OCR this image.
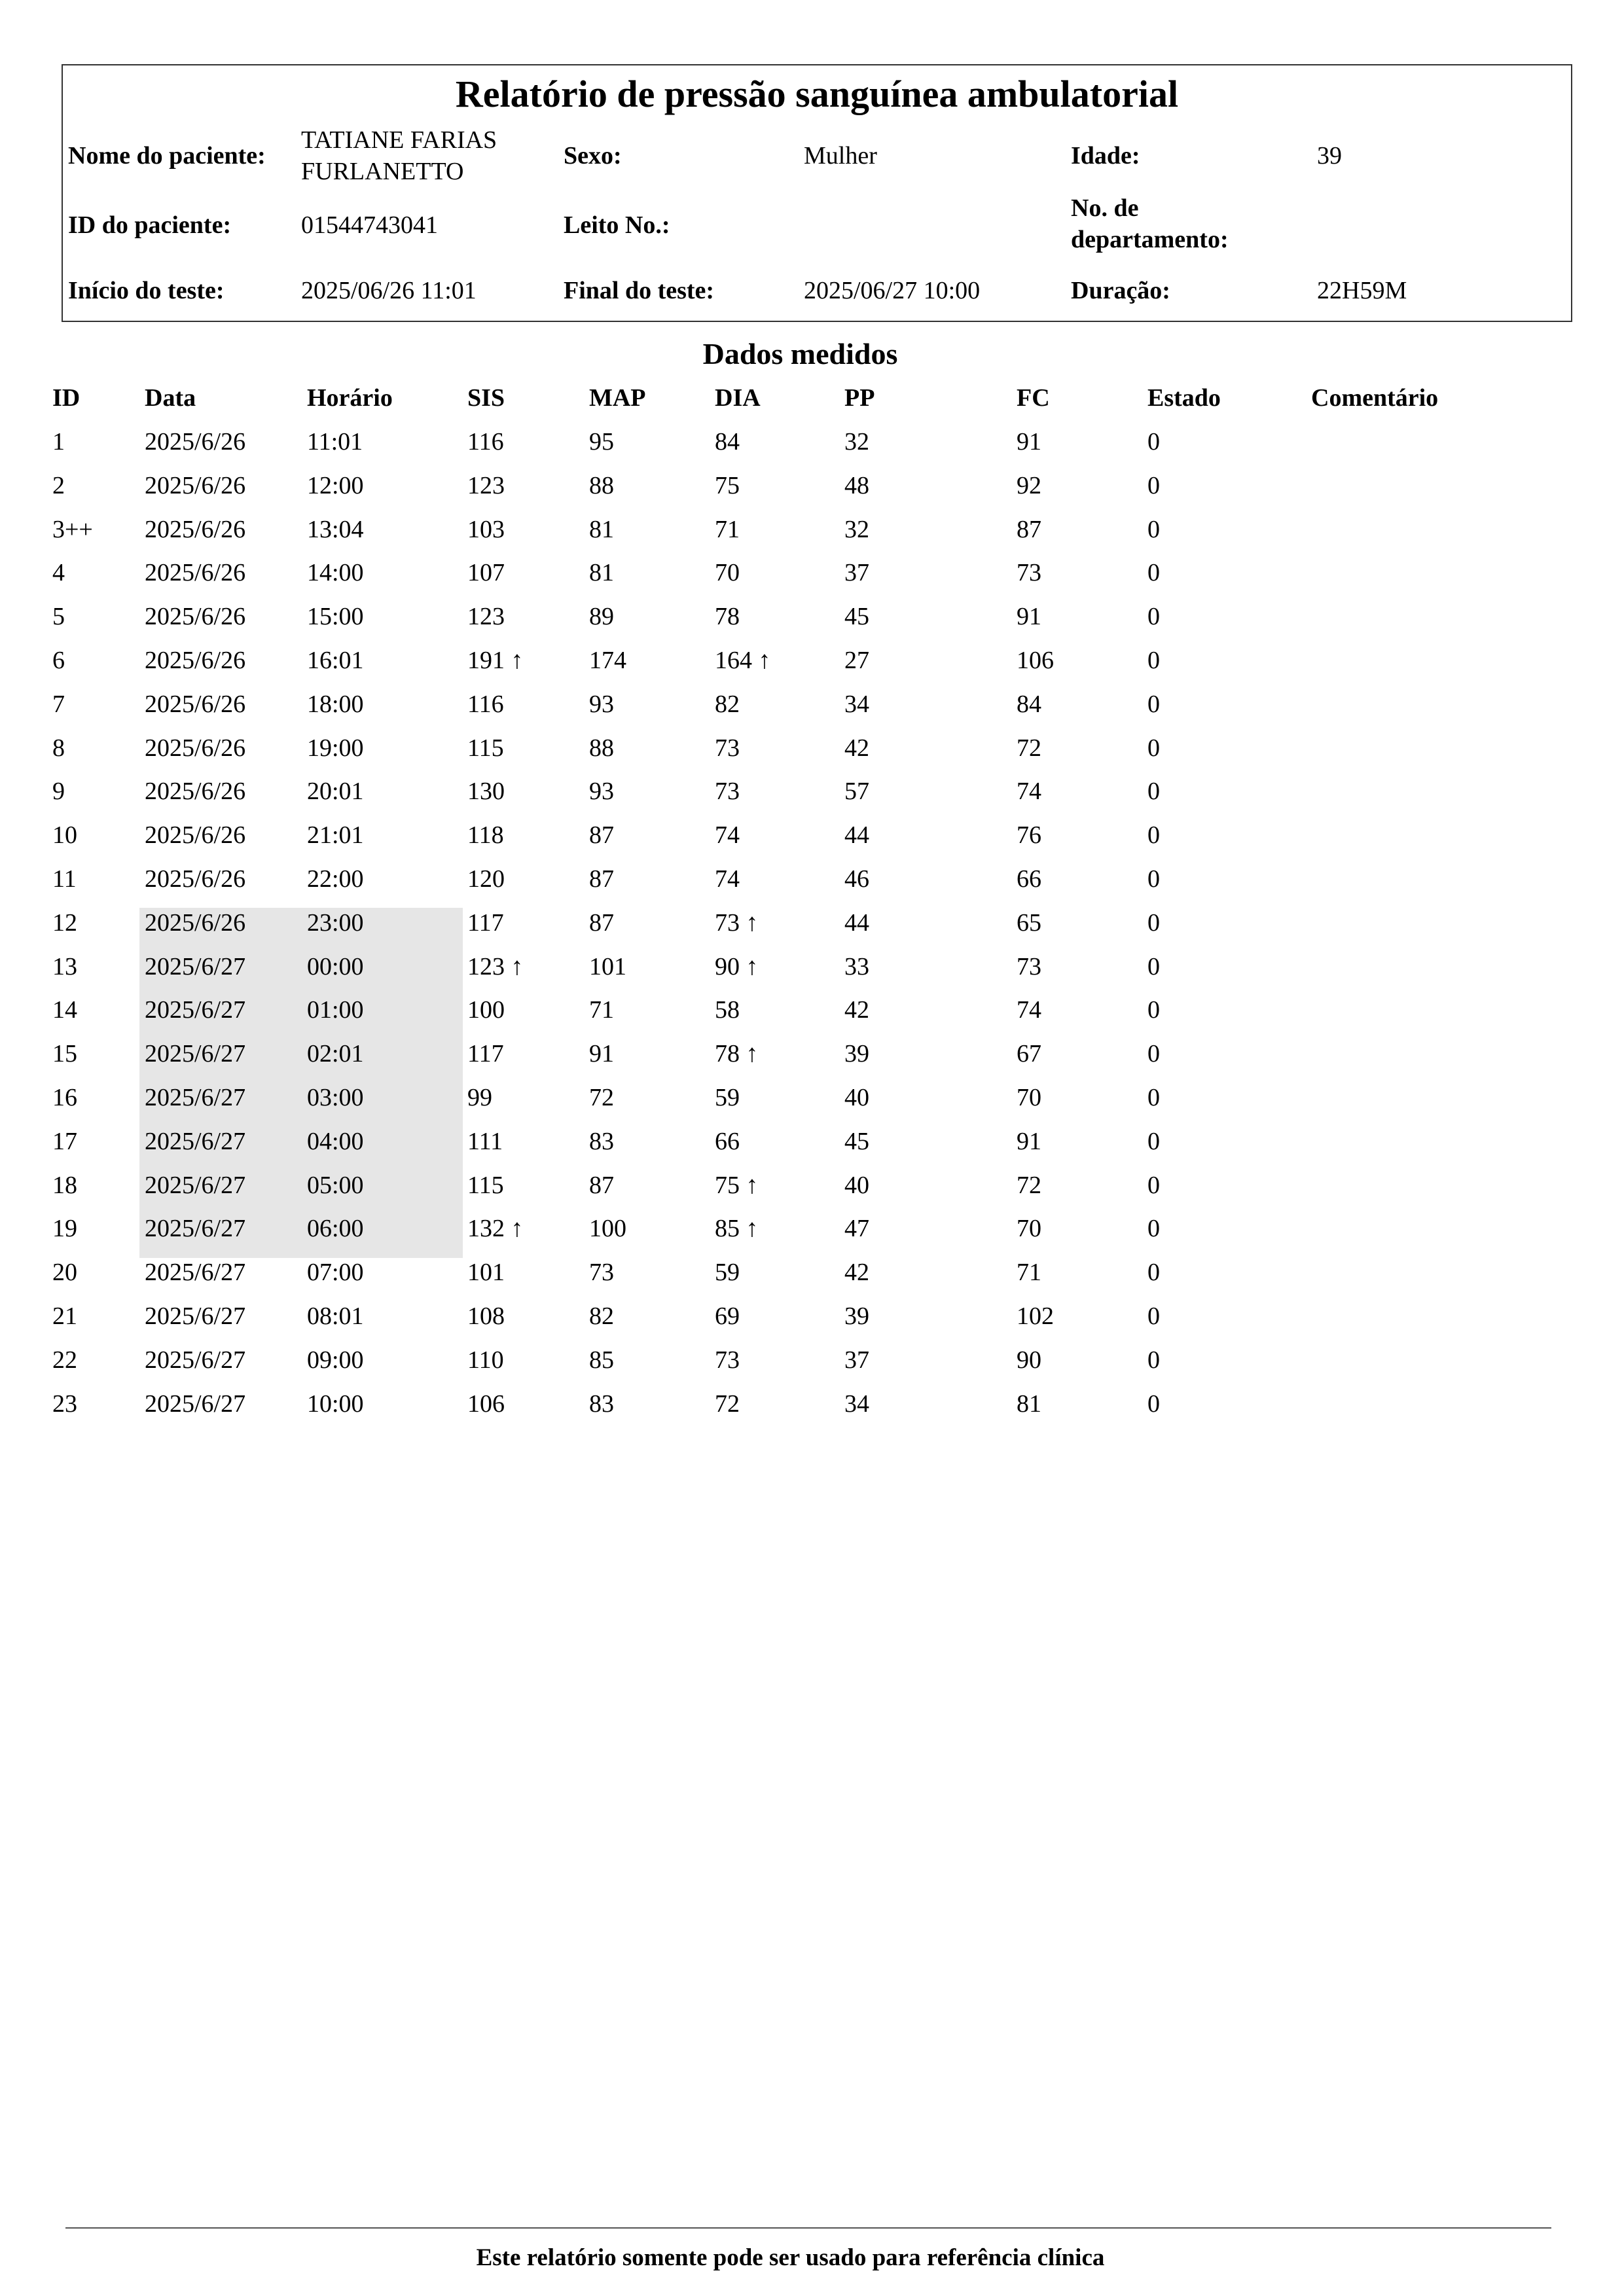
Relatório de pressão sanguínea ambulatorial
Nome do paciente:
TATIANE FARIAS
FURLANETTO
Sexo:	Mulher	Idade:	39
ID do paciente:	01544743041	Leito No.:
No. de
departamento:
Início do teste:	2025/06/26 11:01	Final do teste:	2025/06/27 10:00	Duração:	22H59M
Dados medidos
ID	Data	Horário	SIS	MAP	DIA	PP	FC	Estado	Comentário
1	2025/6/26 11:01	116	95	84	32	91	0
2	2025/6/26 12:00	123	88	75	48	92	0
3++ 2025/6/26 13:04	103	81	71	32	87	0
4	2025/6/26 14:00	107	81	70	37	73	0
5	2025/6/26 15:00	123	89	78	45	91	0
6	2025/6/26 16:01	191 ↑	174	164 ↑	27	106	0
7	2025/6/26 18:00	116	93	82	34	84	0
8	2025/6/26 19:00	115	88	73	42	72	0
9	2025/6/26 20:01	130	93	73	57	74	0
10	2025/6/26 21:01	118	87	74	44	76	0
11	2025/6/26 22:00	120	87	74	46	66	0
12	2025/6/26 23:00	117	87	73 ↑	44	65	0
13	2025/6/27 00:00	123 ↑	101	90 ↑	33	73	0
14	2025/6/27 01:00	100	71	58	42	74	0
15	2025/6/27 02:01	117	91	78 ↑	39	67	0
16	2025/6/27 03:00	99	72	59	40	70	0
17	2025/6/27 04:00	111	83	66	45	91	0
18	2025/6/27 05:00	115	87	75 ↑	40	72	0
19	2025/6/27 06:00	132 ↑	100	85 ↑	47	70	0
20	2025/6/27 07:00	101	73	59	42	71	0
21	2025/6/27 08:01	108	82	69	39	102	0
22	2025/6/27 09:00	110	85	73	37	90	0
23	2025/6/27 10:00	106	83	72	34	81	0
Este relatório somente pode ser usado para referência clínica
